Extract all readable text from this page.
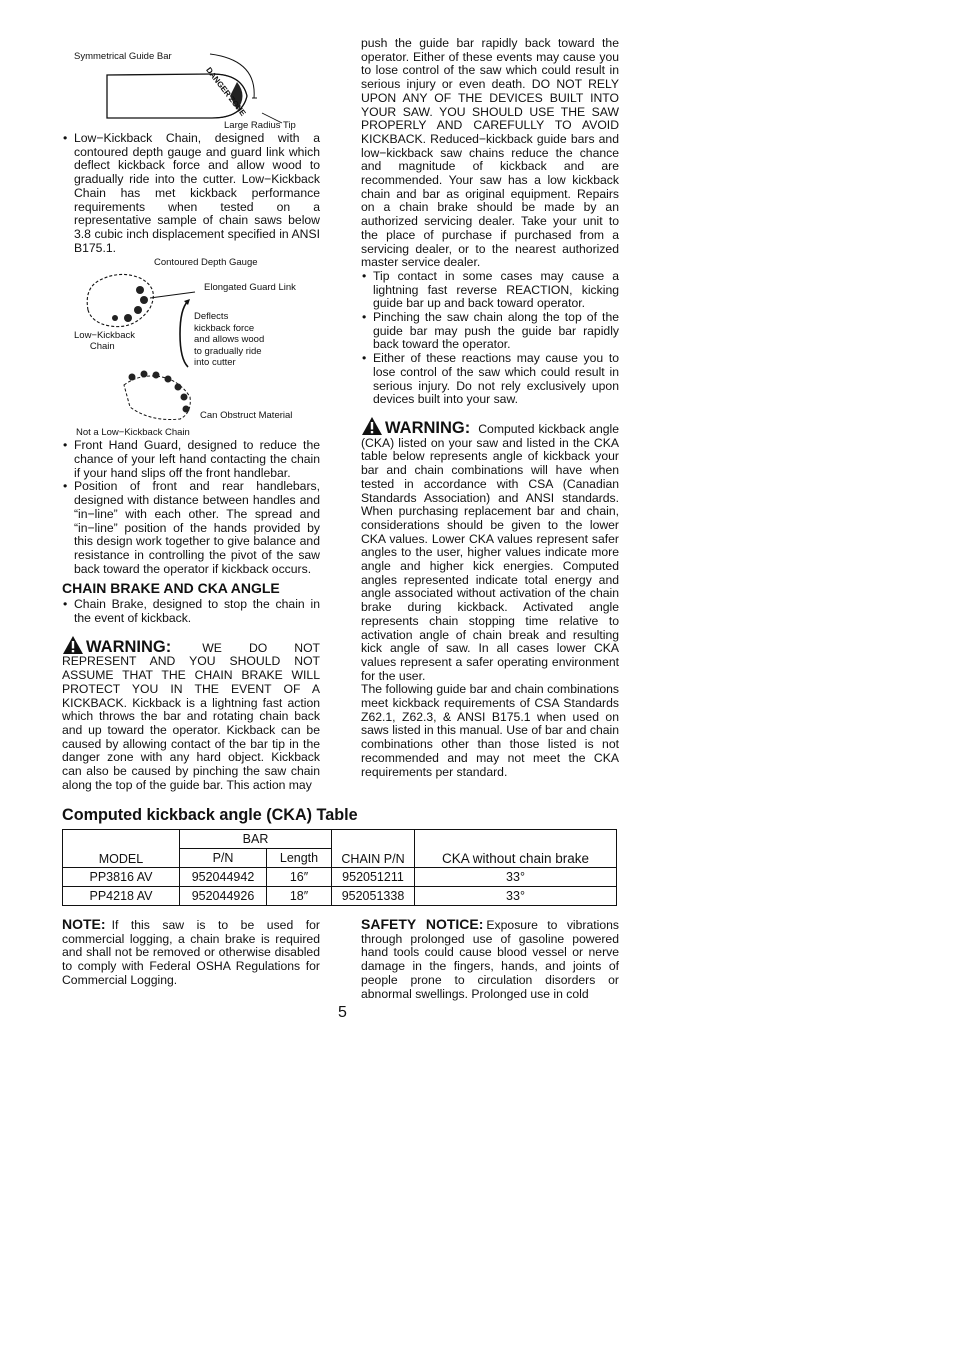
Symmetrical Guide Bar
DANGER ZONE
Large Radius Tip

• Low−Kickback Chain, designed with a contoured depth gauge and guard link which deflect kickback force and allow wood to gradually ride into the cutter. Low−Kickback Chain has met kickback performance requirements when tested on a representative sample of chain saws below 3.8 cubic inch displacement specified in ANSI B175.1.

Contoured Depth Gauge
Elongated Guard Link
Low−Kickback
Chain
Deflects
kickback force
and allows wood
to gradually ride
into cutter
Can Obstruct Material
Not a Low−Kickback Chain

• Front Hand Guard, designed to reduce the chance of your left hand contacting the chain if your hand slips off the front handlebar.

• Position of front and rear handlebars, designed with distance between handles and “in−line” with each other. The spread and “in−line” position of the hands provided by this design work together to give balance and resistance in controlling the pivot of the saw back toward the operator if kickback occurs.

CHAIN BRAKE AND CKA ANGLE

• Chain Brake, designed to stop the chain in the event of kickback.

WARNING:	WE DO NOT REPRESENT AND YOU SHOULD NOT ASSUME THAT THE CHAIN BRAKE WILL PROTECT YOU IN THE EVENT OF A KICKBACK. Kickback is a lightning fast action which throws the bar and rotating chain back and up toward the operator. Kickback can be caused by allowing contact of the bar tip in the danger zone with any hard object. Kickback can also be caused by pinching the saw chain along the top of the guide bar. This action may

push the guide bar rapidly back toward the operator. Either of these events may cause you to lose control of the saw which could result in serious injury or even death. DO NOT RELY UPON ANY OF THE DEVICES BUILT INTO YOUR SAW. YOU SHOULD USE THE SAW PROPERLY AND CAREFULLY TO AVOID KICKBACK. Reduced−kickback guide bars and low−kickback saw chains reduce the chance and magnitude of kickback and are recommended. Your saw has a low kickback chain and bar as original equipment. Repairs on a chain brake should be made by an authorized servicing dealer. Take your unit to the place of purchase if purchased from a servicing dealer, or to the nearest authorized master service dealer.

• Tip contact in some cases may cause a lightning fast reverse REACTION, kicking guide bar up and back toward operator.

• Pinching the saw chain along the top of the guide bar may push the guide bar rapidly back toward the operator.

• Either of these reactions may cause you to lose control of the saw which could result in serious injury. Do not rely exclusively upon devices built into your saw.

WARNING: Computed kickback angle (CKA) listed on your saw and listed in the CKA table below represents angle of kickback your bar and chain combinations will have when tested in accordance with CSA (Canadian Standards Association) and ANSI standards. When purchasing replacement bar and chain, considerations should be given to the lower CKA values. Lower CKA values represent safer angles to the user, higher values indicate more angle and higher kick energies. Computed angles represented indicate total energy and angle associated without activation of the chain brake during kickback. Activated angle represents chain stopping time relative to activation angle of chain break and resulting kick angle of saw. In all cases lower CKA values represent a safer operating environment for the user.

The following guide bar and chain combinations meet kickback requirements of CSA Standards Z62.1, Z62.3, & ANSI B175.1 when used on saws listed in this manual. Use of bar and chain combinations other than those listed is not recommended and may not meet the CKA requirements per standard.

Computed kickback angle (CKA) Table
MODEL	BAR		CHAIN P/N	CKA without chain brake
	P/N	Length		
PP3816 AV	952044942	16″	952051211	33°
PP4218 AV	952044926	18″	952051338	33°

NOTE: If this saw is to be used for commercial logging, a chain brake is required and shall not be removed or otherwise disabled to comply with Federal OSHA Regulations for Commercial Logging.

SAFETY NOTICE: Exposure to vibrations through prolonged use of gasoline powered hand tools could cause blood vessel or nerve damage in the fingers, hands, and joints of people prone to circulation disorders or abnormal swellings. Prolonged use in cold

5
